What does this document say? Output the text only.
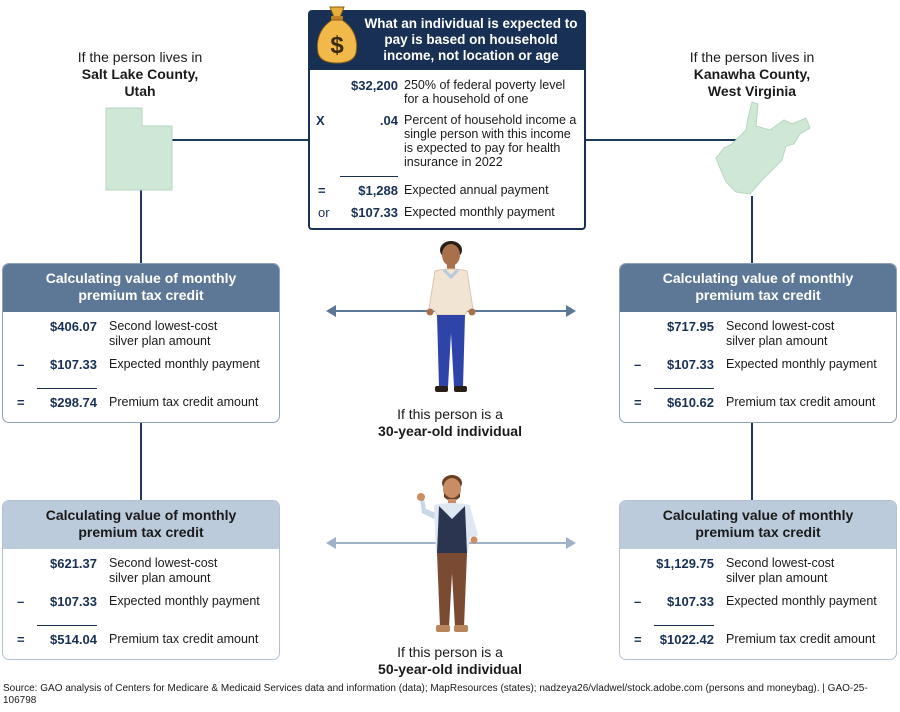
If the person lives in
Salt Lake County,
Utah
If the person lives in
Kanawha County,
West Virginia
What an individual is expected to pay is based on household income, not location or age
$
$32,200 250% of federal poverty level for a household of one
X	.04 Percent of household income a single person with this income is expected to pay for health insurance in 2022
=	$1,288 Expected annual payment
or	$107.33 Expected monthly payment
Calculating value of monthly premium tax credit
$406.07 Second lowest-cost silver plan amount
–	$107.33 Expected monthly payment
=	$298.74 Premium tax credit amount
Calculating value of monthly premium tax credit
$717.95 Second lowest-cost silver plan amount
–	$107.33 Expected monthly payment
=	$610.62 Premium tax credit amount
Calculating value of monthly premium tax credit
$621.37 Second lowest-cost silver plan amount
–	$107.33 Expected monthly payment
=	$514.04 Premium tax credit amount
Calculating value of monthly premium tax credit
$1,129.75 Second lowest-cost silver plan amount
–	$107.33 Expected monthly payment
=	$1022.42 Premium tax credit amount
If this person is a
30-year-old individual
If this person is a
50-year-old individual
Source: GAO analysis of Centers for Medicare & Medicaid Services data and information (data); MapResources (states); nadzeya26/vladwel/stock.adobe.com (persons and moneybag). | GAO-25-106798
